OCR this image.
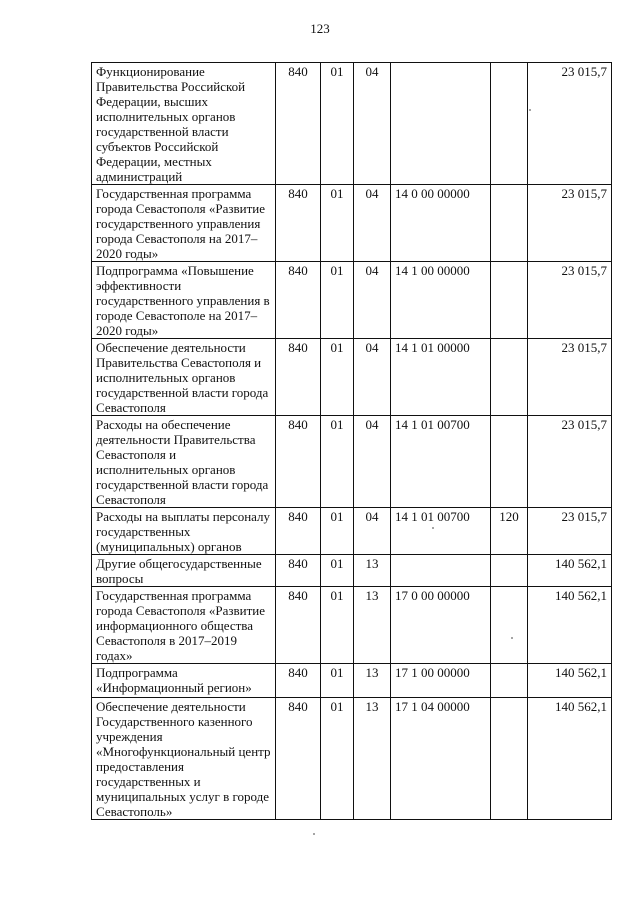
123
Функционирование Правительства Российской Федерации, высших исполнительных органов государственной власти субъектов Российской Федерации, местных администраций	840	01	04			23 015,7
Государственная программа города Севастополя «Развитие государственного управления города Севастополя на 2017–2020 годы»	840	01	04	14 0 00 00000		23 015,7
Подпрограмма «Повышение эффективности государственного управления в городе Севастополе на 2017–2020 годы»	840	01	04	14 1 00 00000		23 015,7
Обеспечение деятельности Правительства Севастополя и исполнительных органов государственной власти города Севастополя	840	01	04	14 1 01 00000		23 015,7
Расходы на обеспечение деятельности Правительства Севастополя и исполнительных органов государственной власти города Севастополя	840	01	04	14 1 01 00700		23 015,7
Расходы на выплаты персоналу государственных (муниципальных) органов	840	01	04	14 1 01 00700	120	23 015,7
Другие общегосударственные вопросы	840	01	13			140 562,1
Государственная программа города Севастополя «Развитие информационного общества Севастополя в 2017–2019 годах»	840	01	13	17 0 00 00000		140 562,1
Подпрограмма «Информационный регион»	840	01	13	17 1 00 00000		140 562,1
Обеспечение деятельности Государственного казенного учреждения «Многофункциональный центр предоставления государственных и муниципальных услуг в городе Севастополь»	840	01	13	17 1 04 00000		140 562,1
